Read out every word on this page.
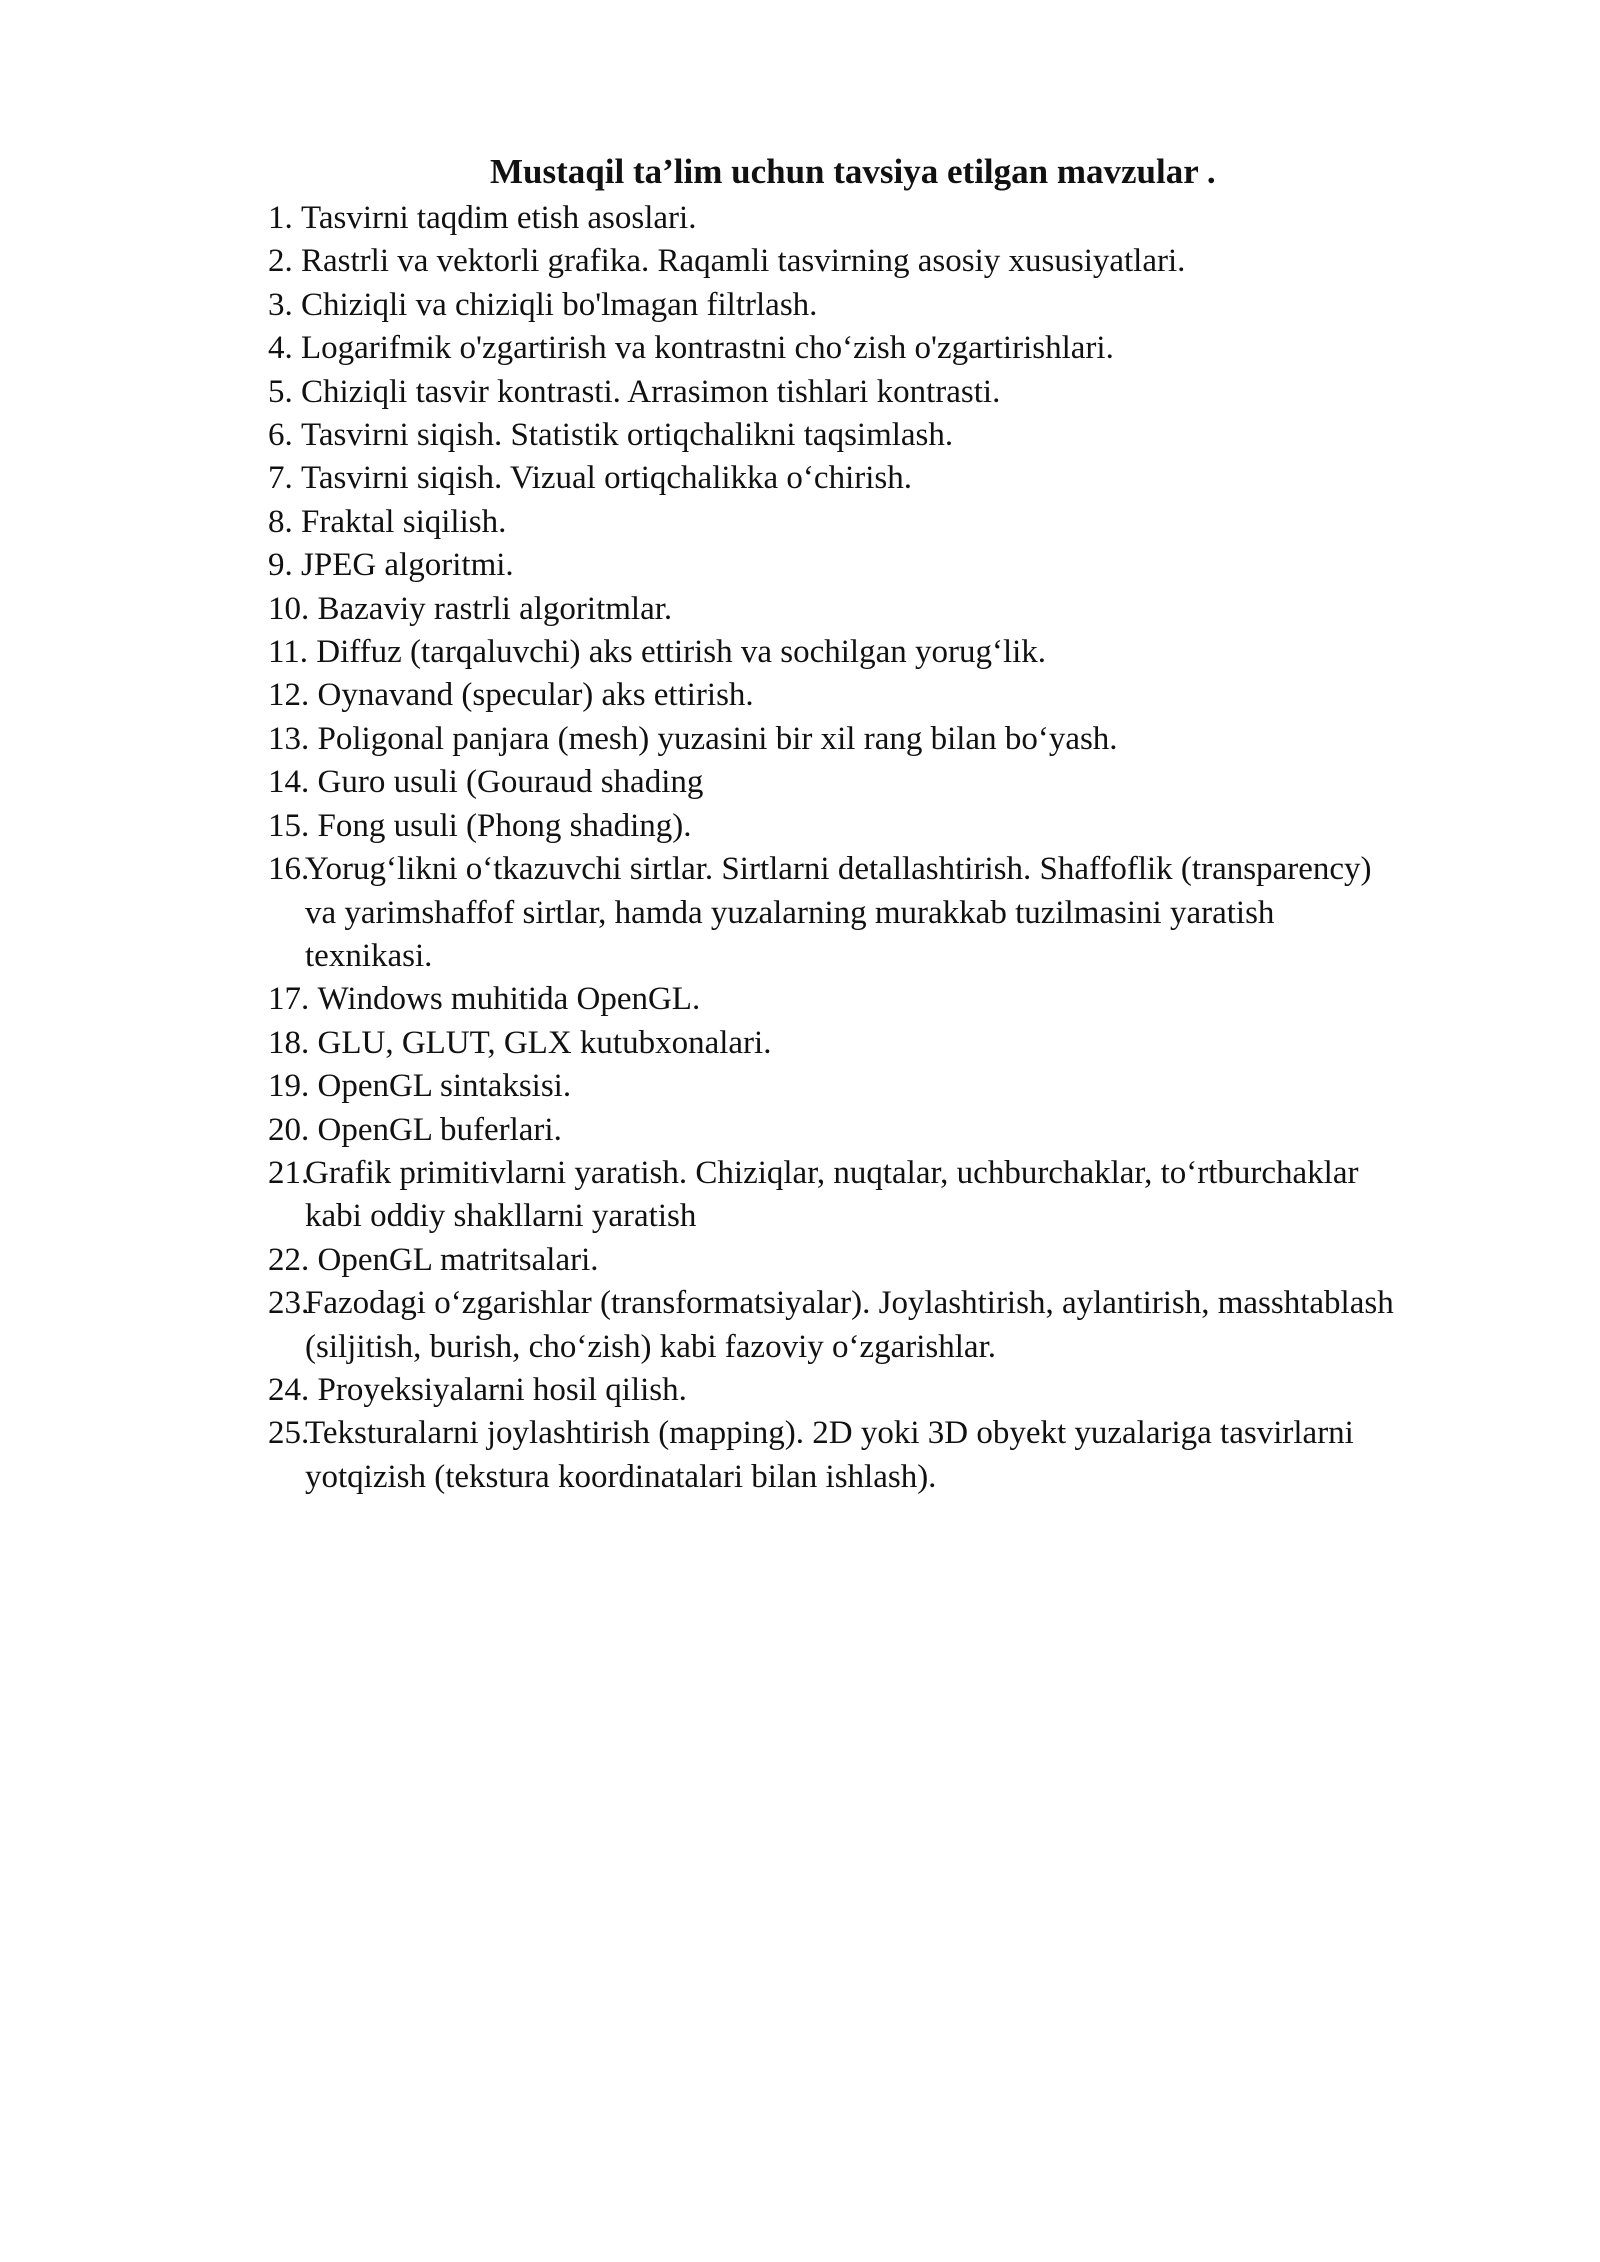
Mustaqil ta’lim uchun tavsiya etilgan mavzular .
1. Tasvirni taqdim etish asoslari.
2. Rastrli va vektorli grafika. Raqamli tasvirning asosiy xususiyatlari.
3. Chiziqli va chiziqli bo'lmagan filtrlash.
4. Logarifmik o'zgartirish va kontrastni cho‘zish o'zgartirishlari.
5. Chiziqli tasvir kontrasti. Arrasimon tishlari kontrasti.
6. Tasvirni siqish. Statistik ortiqchalikni taqsimlash.
7. Tasvirni siqish. Vizual ortiqchalikka o‘chirish.
8. Fraktal siqilish.
9. JPEG algoritmi.
10. Bazaviy rastrli algoritmlar.
11. Diffuz (tarqaluvchi) aks ettirish va sochilgan yorug‘lik.
12. Oynavand (specular) aks ettirish.
13. Poligonal panjara (mesh) yuzasini bir xil rang bilan bo‘yash.
14. Guro usuli (Gouraud shading
15. Fong usuli (Phong shading).
16.
Yorug‘likni o‘tkazuvchi sirtlar. Sirtlarni detallashtirish. Shaffoflik (transparency) va yarimshaffof sirtlar, hamda yuzalarning murakkab tuzilmasini yaratish texnikasi.
17. Windows muhitida OpenGL.
18. GLU, GLUT, GLX kutubxonalari.
19. OpenGL sintaksisi.
20. OpenGL buferlari.
21.
Grafik primitivlarni yaratish. Chiziqlar, nuqtalar, uchburchaklar, to‘rtburchaklar kabi oddiy shakllarni yaratish
22. OpenGL matritsalari.
23.
Fazodagi o‘zgarishlar (transformatsiyalar). Joylashtirish, aylantirish, masshtablash (siljitish, burish, cho‘zish) kabi fazoviy o‘zgarishlar.
24. Proyeksiyalarni hosil qilish.
25.
Teksturalarni joylashtirish (mapping). 2D yoki 3D obyekt yuzalariga tasvirlarni yotqizish (tekstura koordinatalari bilan ishlash).
